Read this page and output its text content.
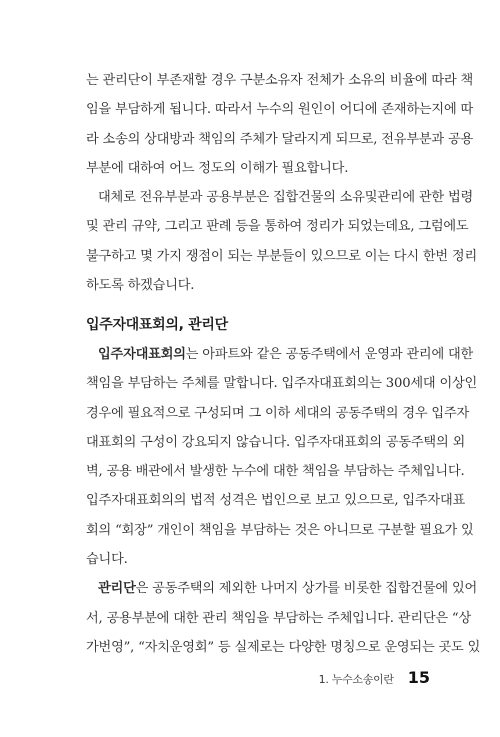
는 관리단이 부존재할 경우 구분소유자 전체가 소유의 비율에 따라 책
임을 부담하게 됩니다. 따라서 누수의 원인이 어디에 존재하는지에 따
라 소송의 상대방과 책임의 주체가 달라지게 되므로, 전유부분과 공용
부분에 대하여 어느 정도의 이해가 필요합니다.
대체로 전유부분과 공용부분은 집합건물의 소유및관리에 관한 법령
및 관리 규약, 그리고 판례 등을 통하여 정리가 되었는데요, 그럼에도
불구하고 몇 가지 쟁점이 되는 부분들이 있으므로 이는 다시 한번 정리
하도록 하겠습니다.
입주자대표회의, 관리단
입주자대표회의는 아파트와 같은 공동주택에서 운영과 관리에 대한
책임을 부담하는 주체를 말합니다. 입주자대표회의는 300세대 이상인
경우에 필요적으로 구성되며 그 이하 세대의 공동주택의 경우 입주자
대표회의 구성이 강요되지 않습니다. 입주자대표회의 공동주택의 외
벽, 공용 배관에서 발생한 누수에 대한 책임을 부담하는 주체입니다.
입주자대표회의의 법적 성격은 법인으로 보고 있으므로, 입주자대표
회의 “회장” 개인이 책임을 부담하는 것은 아니므로 구분할 필요가 있
습니다.
관리단은 공동주택의 제외한 나머지 상가를 비롯한 집합건물에 있어
서, 공용부분에 대한 관리 책임을 부담하는 주체입니다. 관리단은 “상
가번영”, “자치운영회” 등 실제로는 다양한 명칭으로 운영되는 곳도 있
1. 누수소송이란 15
